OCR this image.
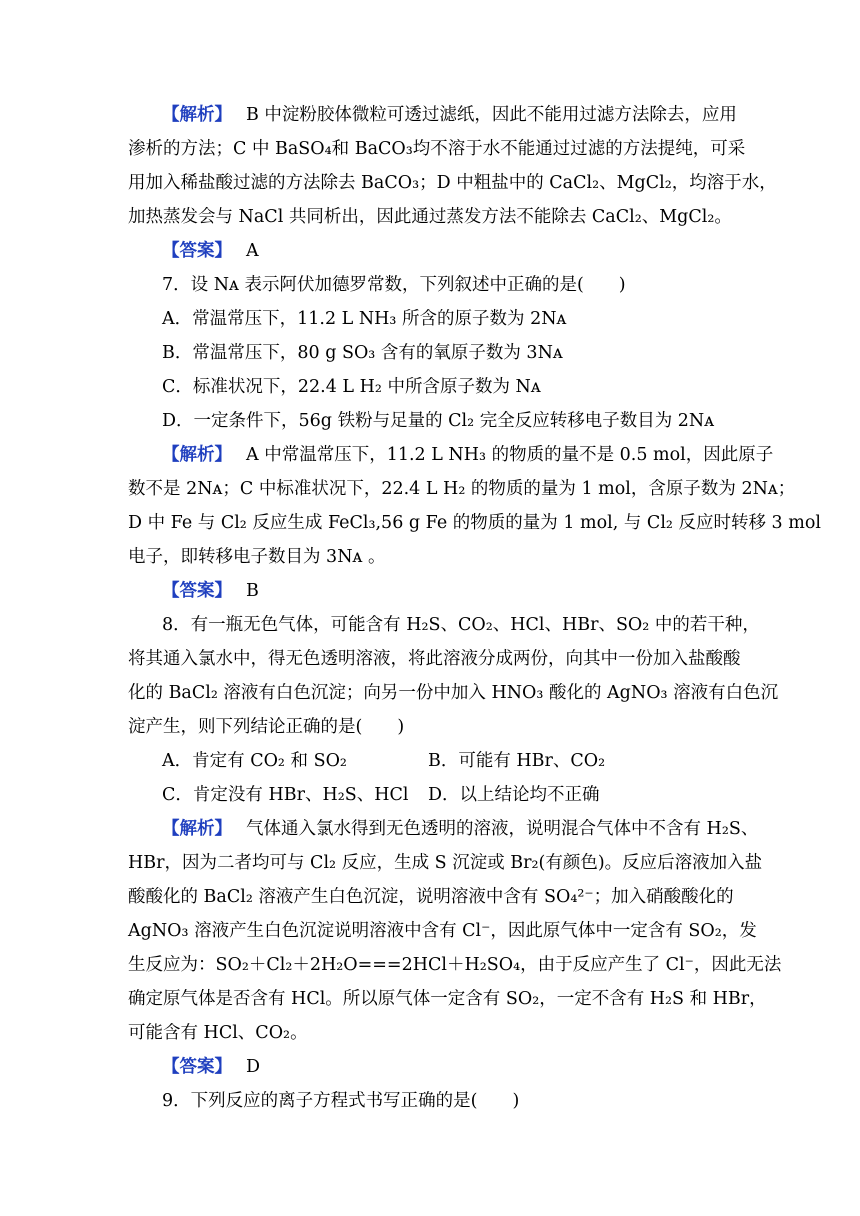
【解析】 B 中淀粉胶体微粒可透过滤纸，因此不能用过滤方法除去，应用
渗析的方法；C 中 BaSO₄和 BaCO₃均不溶于水不能通过过滤的方法提纯，可采
用加入稀盐酸过滤的方法除去 BaCO₃；D 中粗盐中的 CaCl₂、MgCl₂，均溶于水，
加热蒸发会与 NaCl 共同析出，因此通过蒸发方法不能除去 CaCl₂、MgCl₂。
【答案】 A
7．设 Nᴀ 表示阿伏加德罗常数，下列叙述中正确的是(　　)
A．常温常压下，11.2 L NH₃ 所含的原子数为 2Nᴀ
B．常温常压下，80 g SO₃ 含有的氧原子数为 3Nᴀ
C．标准状况下，22.4 L H₂ 中所含原子数为 Nᴀ
D．一定条件下，56g 铁粉与足量的 Cl₂ 完全反应转移电子数目为 2Nᴀ
【解析】 A 中常温常压下，11.2 L NH₃ 的物质的量不是 0.5 mol，因此原子
数不是 2Nᴀ；C 中标准状况下，22.4 L H₂ 的物质的量为 1 mol，含原子数为 2Nᴀ；
D 中 Fe 与 Cl₂ 反应生成 FeCl₃,56 g Fe 的物质的量为 1 mol, 与 Cl₂ 反应时转移 3 mol
电子，即转移电子数目为 3Nᴀ 。
【答案】 B
8．有一瓶无色气体，可能含有 H₂S、CO₂、HCl、HBr、SO₂ 中的若干种，
将其通入氯水中，得无色透明溶液，将此溶液分成两份，向其中一份加入盐酸酸
化的 BaCl₂ 溶液有白色沉淀；向另一份中加入 HNO₃ 酸化的 AgNO₃ 溶液有白色沉
淀产生，则下列结论正确的是(　　)
A．肯定有 CO₂ 和 SO₂	B．可能有 HBr、CO₂
C．肯定没有 HBr、H₂S、HCl D．以上结论均不正确
【解析】 气体通入氯水得到无色透明的溶液，说明混合气体中不含有 H₂S、
HBr，因为二者均可与 Cl₂ 反应，生成 S 沉淀或 Br₂(有颜色)。反应后溶液加入盐
酸酸化的 BaCl₂ 溶液产生白色沉淀，说明溶液中含有 SO₄²⁻；加入硝酸酸化的
AgNO₃ 溶液产生白色沉淀说明溶液中含有 Cl⁻，因此原气体中一定含有 SO₂，发
生反应为：SO₂＋Cl₂＋2H₂O===2HCl＋H₂SO₄，由于反应产生了 Cl⁻，因此无法
确定原气体是否含有 HCl。所以原气体一定含有 SO₂，一定不含有 H₂S 和 HBr，
可能含有 HCl、CO₂。
【答案】 D
9．下列反应的离子方程式书写正确的是(　　)
